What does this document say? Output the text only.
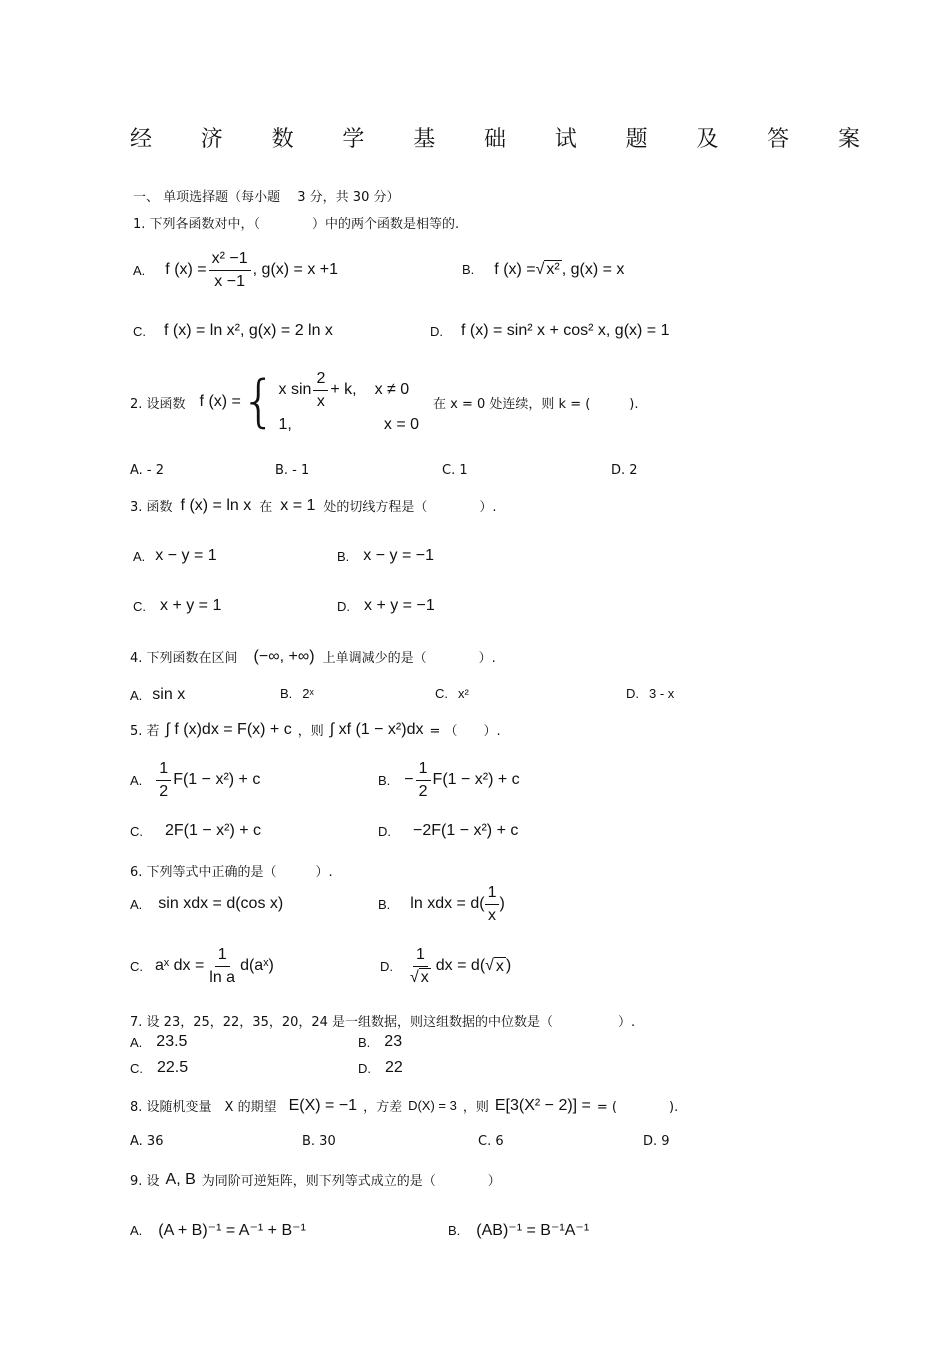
经 济 数 学 基 础 试 题 及 答 案
一、 单项选择题（每小题　 3 分，共 30 分）
1. 下列各函数对中，（　　　　）中的两个函数是相等的.
A. f $(x) = \frac{\text{x² −1}}{x -1}$ , g(x) = x +1	B. f (x) = √ x² , g(x) = x
C. f (x) = ln x², g(x) = 2 ln x	D. f (x) = sin² x + cos² x, g(x) = 1
2. 设函数 f (x) = { x $\sin \frac{2}{x} + k$, x ≠ 0
1,	x = 0
在 x = 0 处连续，则 k = (　　　).
A. - 2	B. - 1	C. 1	D. 2
3. 函数 f (x) = ln x 在 x = 1 处的切线方程是（　　　　）.
A. x − y = 1	B. x − y = −1
C. x + y = 1	D. x + y = −1
4. 下列函数在区间 (−∞, +∞) 上单调减少的是（　　　　）.
A. sin x	B. 2ˣ	C. x²	D. 3 - x
5. 若 ∫ f (x)dx = F(x) + c ，则 ∫ xf (1 − x²)dx = （　　）.
A. $\frac{1}{2} F(1 - x^2) + c$	B. − $\frac{1}{2} F(1 - x^2) + c$
C. 2F(1 − x²) + c	D. −2F(1 − x²) + c
6. 下列等式中正确的是（　　　）.
A. sin xdx = d(cos x)	B. ln xdx = $d( \frac{1}{x}$ )
C. aˣ dx = $\frac{1}{\text{ln a}}$ d(aˣ)	D. $\frac{1}{√ x}$ dx = d( √ x )
7. 设 23，25，22，35，20，24 是一组数据，则这组数据的中位数是（　　　　　）.
A. 23.5	B. 23
C. 22.5	D. 22
8. 设随机变量　X 的期望 E(X) = −1 ，方差 D(X) = 3 ，则 E[3(X² − 2)] = = (　　　　).
A. 36	B. 30	C. 6	D. 9
9. 设 A, B 为同阶可逆矩阵，则下列等式成立的是（　　　　）
A. (A + B)⁻¹ = A⁻¹ + B⁻¹	B. (AB)⁻¹ = B⁻¹A⁻¹
